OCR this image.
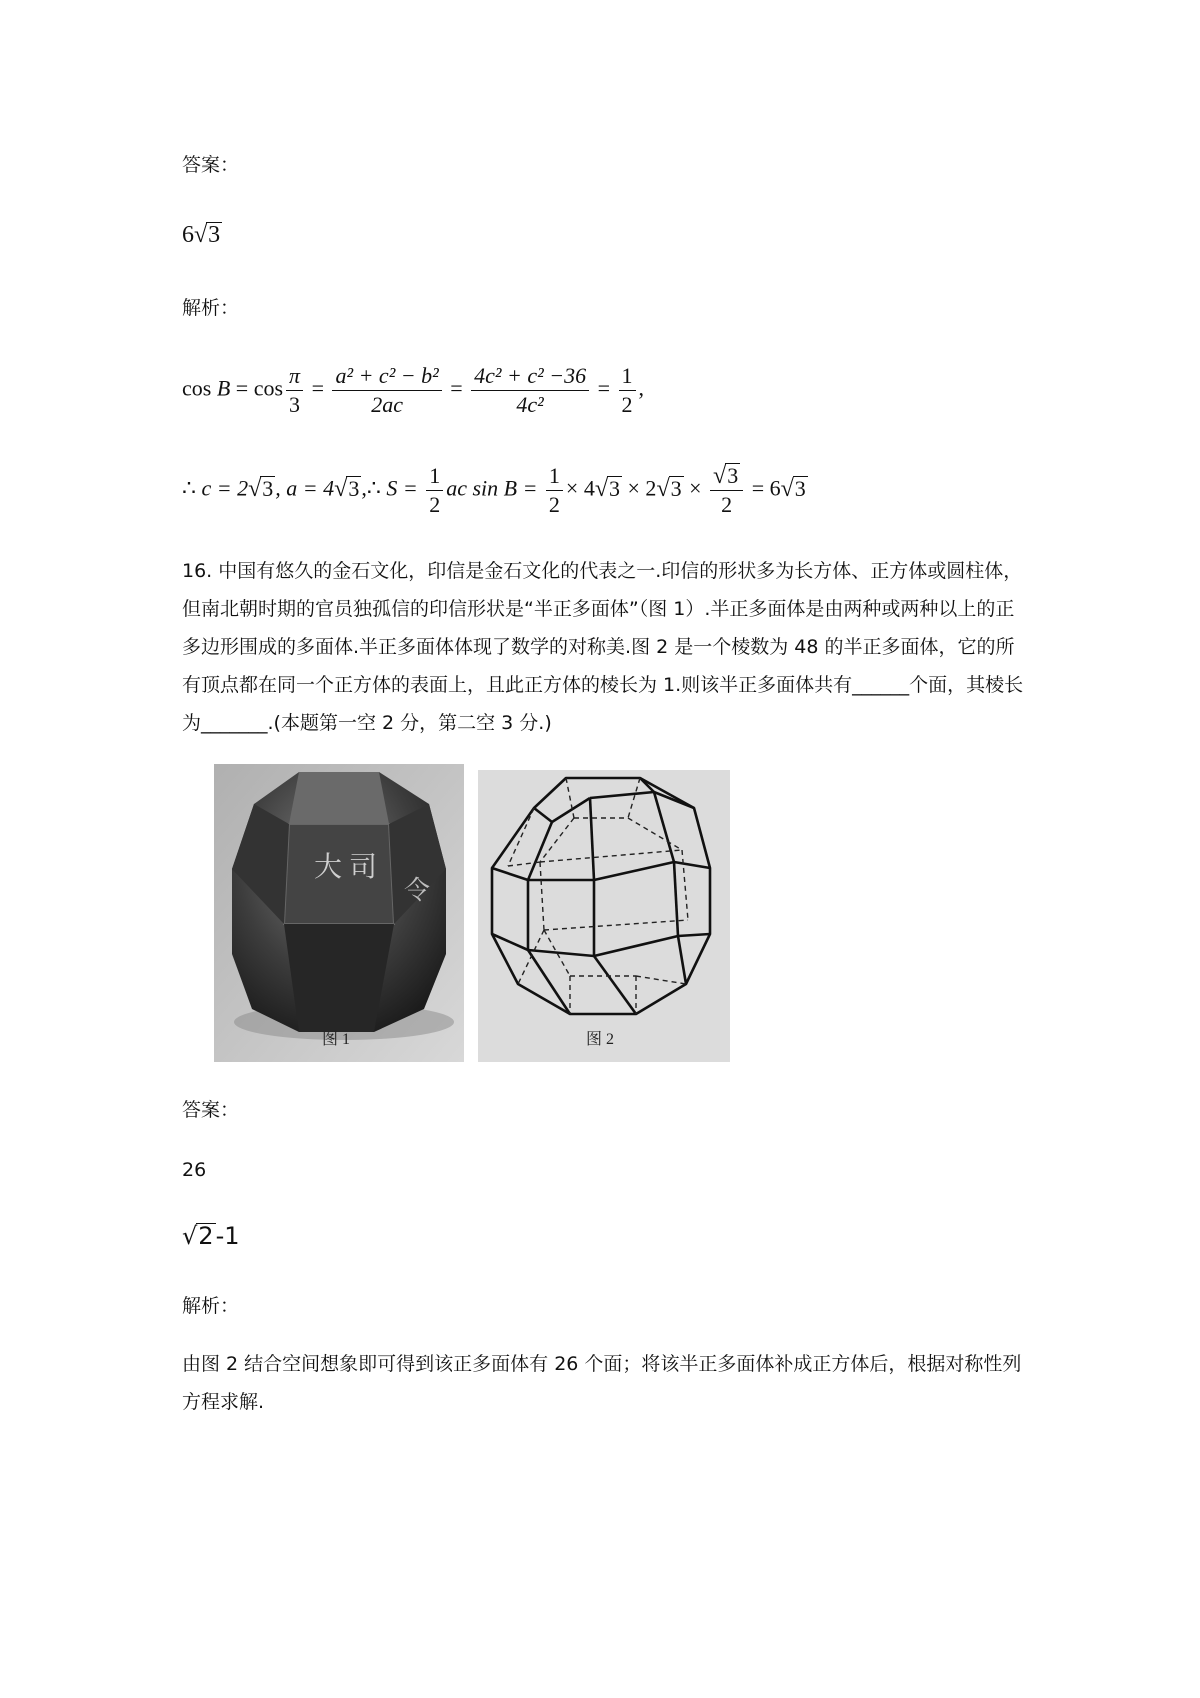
答案：
6 √ 3
解析：
$\cos B = \cos \frac{\pi}{3} = \frac{\text{a² + c² − b²}}{2ac} = \frac{\text{4c² + c² −36}}{\text{4c²}} = \frac{1}{2}$ ,
∴ c = 2 √ 3 , a = 4 √ 3 ,∴ $S = \frac{1}{2}$ ac $\sin B = \frac{1}{2} \times 4$ √ 3 × 2 √ $3 \times \frac{√ 3}{2} = 6$ √ 3
16. 中国有悠久的金石文化，印信是金石文化的代表之一.印信的形状多为长方体、正方体或圆柱体，但南北朝时期的官员独孤信的印信形状是“半正多面体”（图 1）.半正多面体是由两种或两种以上的正多边形围成的多面体.半正多面体体现了数学的对称美.图 2 是一个棱数为 48 的半正多面体，它的所有顶点都在同一个正方体的表面上，且此正方体的棱长为 1.则该半正多面体共有______个面，其棱长为_______.(本题第一空 2 分，第二空 3 分.)
大 司
令
图 1	图 2
答案：
26
√ 2 -1
解析：
由图 2 结合空间想象即可得到该正多面体有 26 个面；将该半正多面体补成正方体后，根据对称性列方程求解.
